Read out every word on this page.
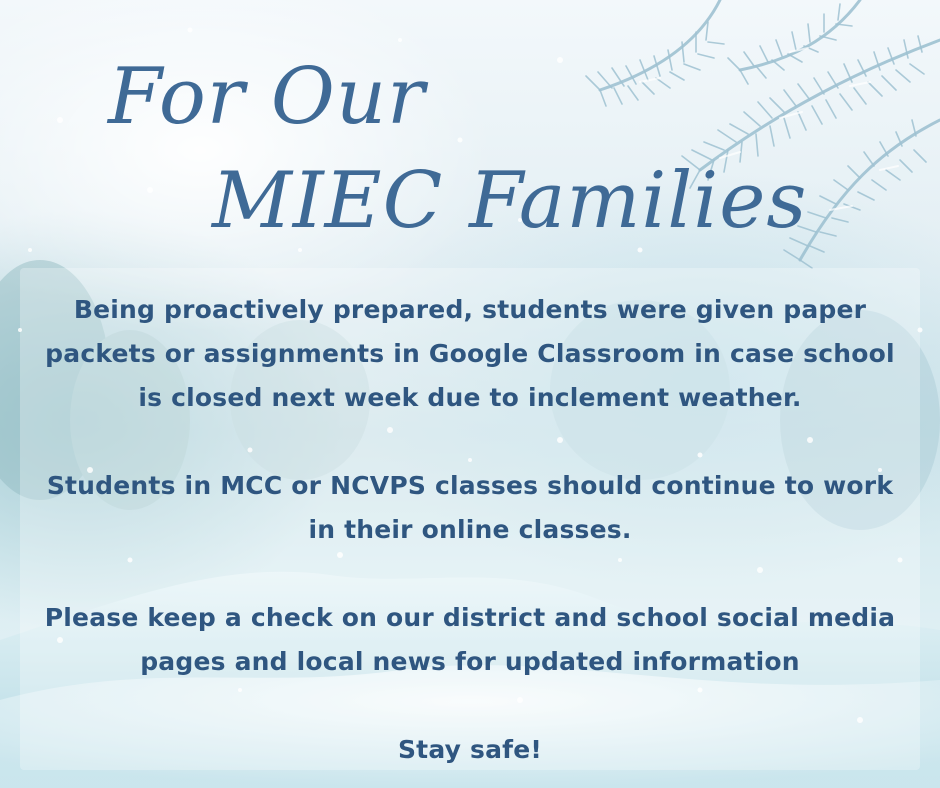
For Our
MIEC Families

Being proactively prepared, students were given paper packets or assignments in Google Classroom in case school is closed next week due to inclement weather.

Students in MCC or NCVPS classes should continue to work in their online classes.

Please keep a check on our district and school social media pages and local news for updated information

Stay safe!
